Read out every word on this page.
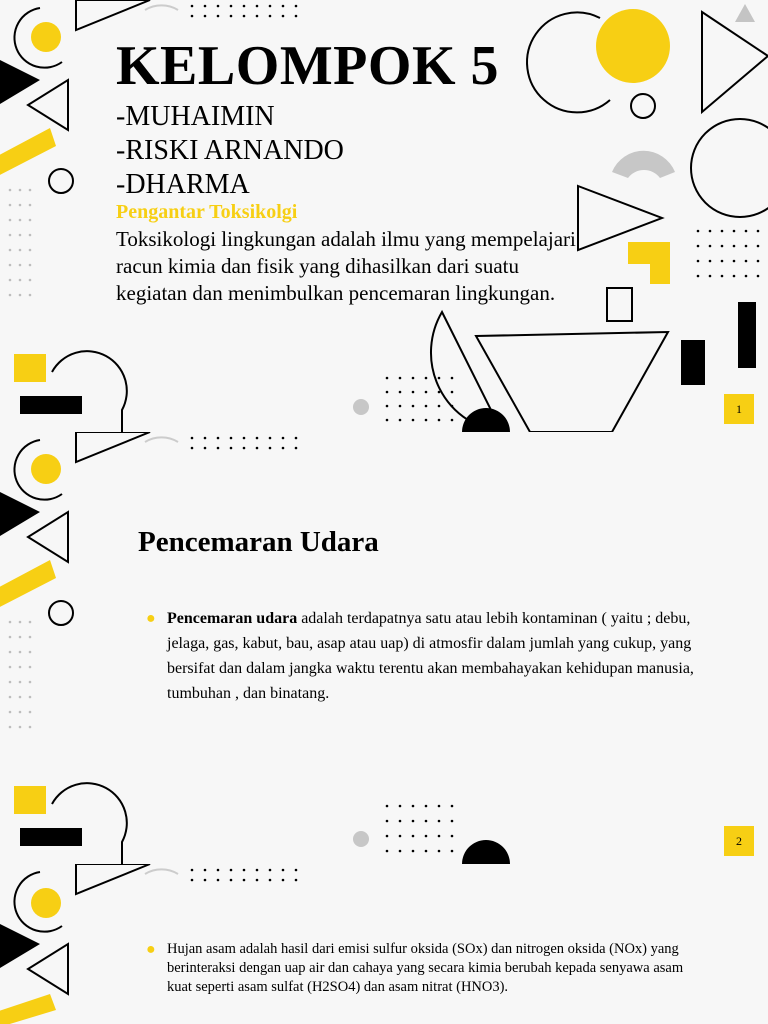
KELOMPOK 5
-MUHAIMIN
-RISKI ARNANDO
-DHARMA
Pengantar Toksikolgi

Toksikologi lingkungan adalah ilmu yang mempelajari racun kimia dan fisik yang dihasilkan dari suatu kegiatan dan menimbulkan pencemaran lingkungan.

1
Pencemaran Udara
● Pencemaran udara adalah terdapatnya satu atau lebih kontaminan ( yaitu ; debu, jelaga, gas, kabut, bau, asap atau uap) di atmosfir dalam jumlah yang cukup, yang bersifat dan dalam jangka waktu terentu akan membahayakan kehidupan manusia, tumbuhan , dan binatang.
2
● Hujan asam adalah hasil dari emisi sulfur oksida (SOx) dan nitrogen oksida (NOx) yang berinteraksi dengan uap air dan cahaya yang secara kimia berubah kepada senyawa asam kuat seperti asam sulfat (H2SO4) dan asam nitrat (HNO3).
